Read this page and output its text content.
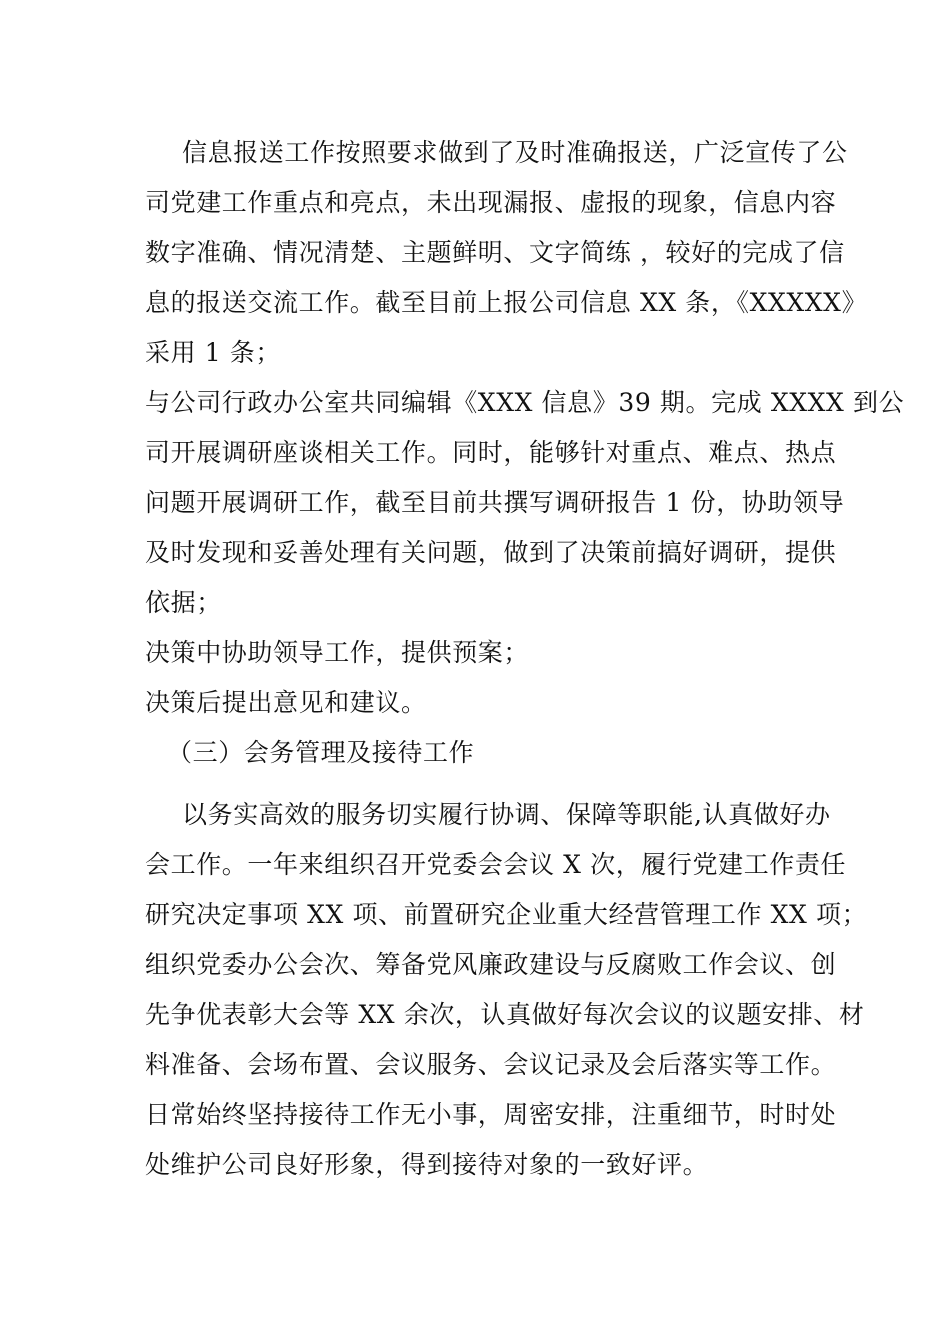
信息报送工作按照要求做到了及时准确报送，广泛宣传了公
司党建工作重点和亮点，未出现漏报、虚报的现象，信息内容
数字准确、情况清楚、主题鲜明、文字简练 ，较好的完成了信
息的报送交流工作。截至目前上报公司信息 XX 条，《XXXXX》
采用 1 条；
与公司行政办公室共同编辑《XXX 信息》39 期。完成 XXXX 到公
司开展调研座谈相关工作。同时，能够针对重点、难点、热点
问题开展调研工作，截至目前共撰写调研报告 1 份，协助领导
及时发现和妥善处理有关问题，做到了决策前搞好调研，提供
依据；
决策中协助领导工作，提供预案；
决策后提出意见和建议。
（三）会务管理及接待工作
以务实高效的服务切实履行协调、保障等职能,认真做好办
会工作。一年来组织召开党委会会议 X 次，履行党建工作责任
研究决定事项 XX 项、前置研究企业重大经营管理工作 XX 项；
组织党委办公会次、筹备党风廉政建设与反腐败工作会议、创
先争优表彰大会等 XX 余次，认真做好每次会议的议题安排、材
料准备、会场布置、会议服务、会议记录及会后落实等工作。
日常始终坚持接待工作无小事，周密安排，注重细节，时时处
处维护公司良好形象，得到接待对象的一致好评。
